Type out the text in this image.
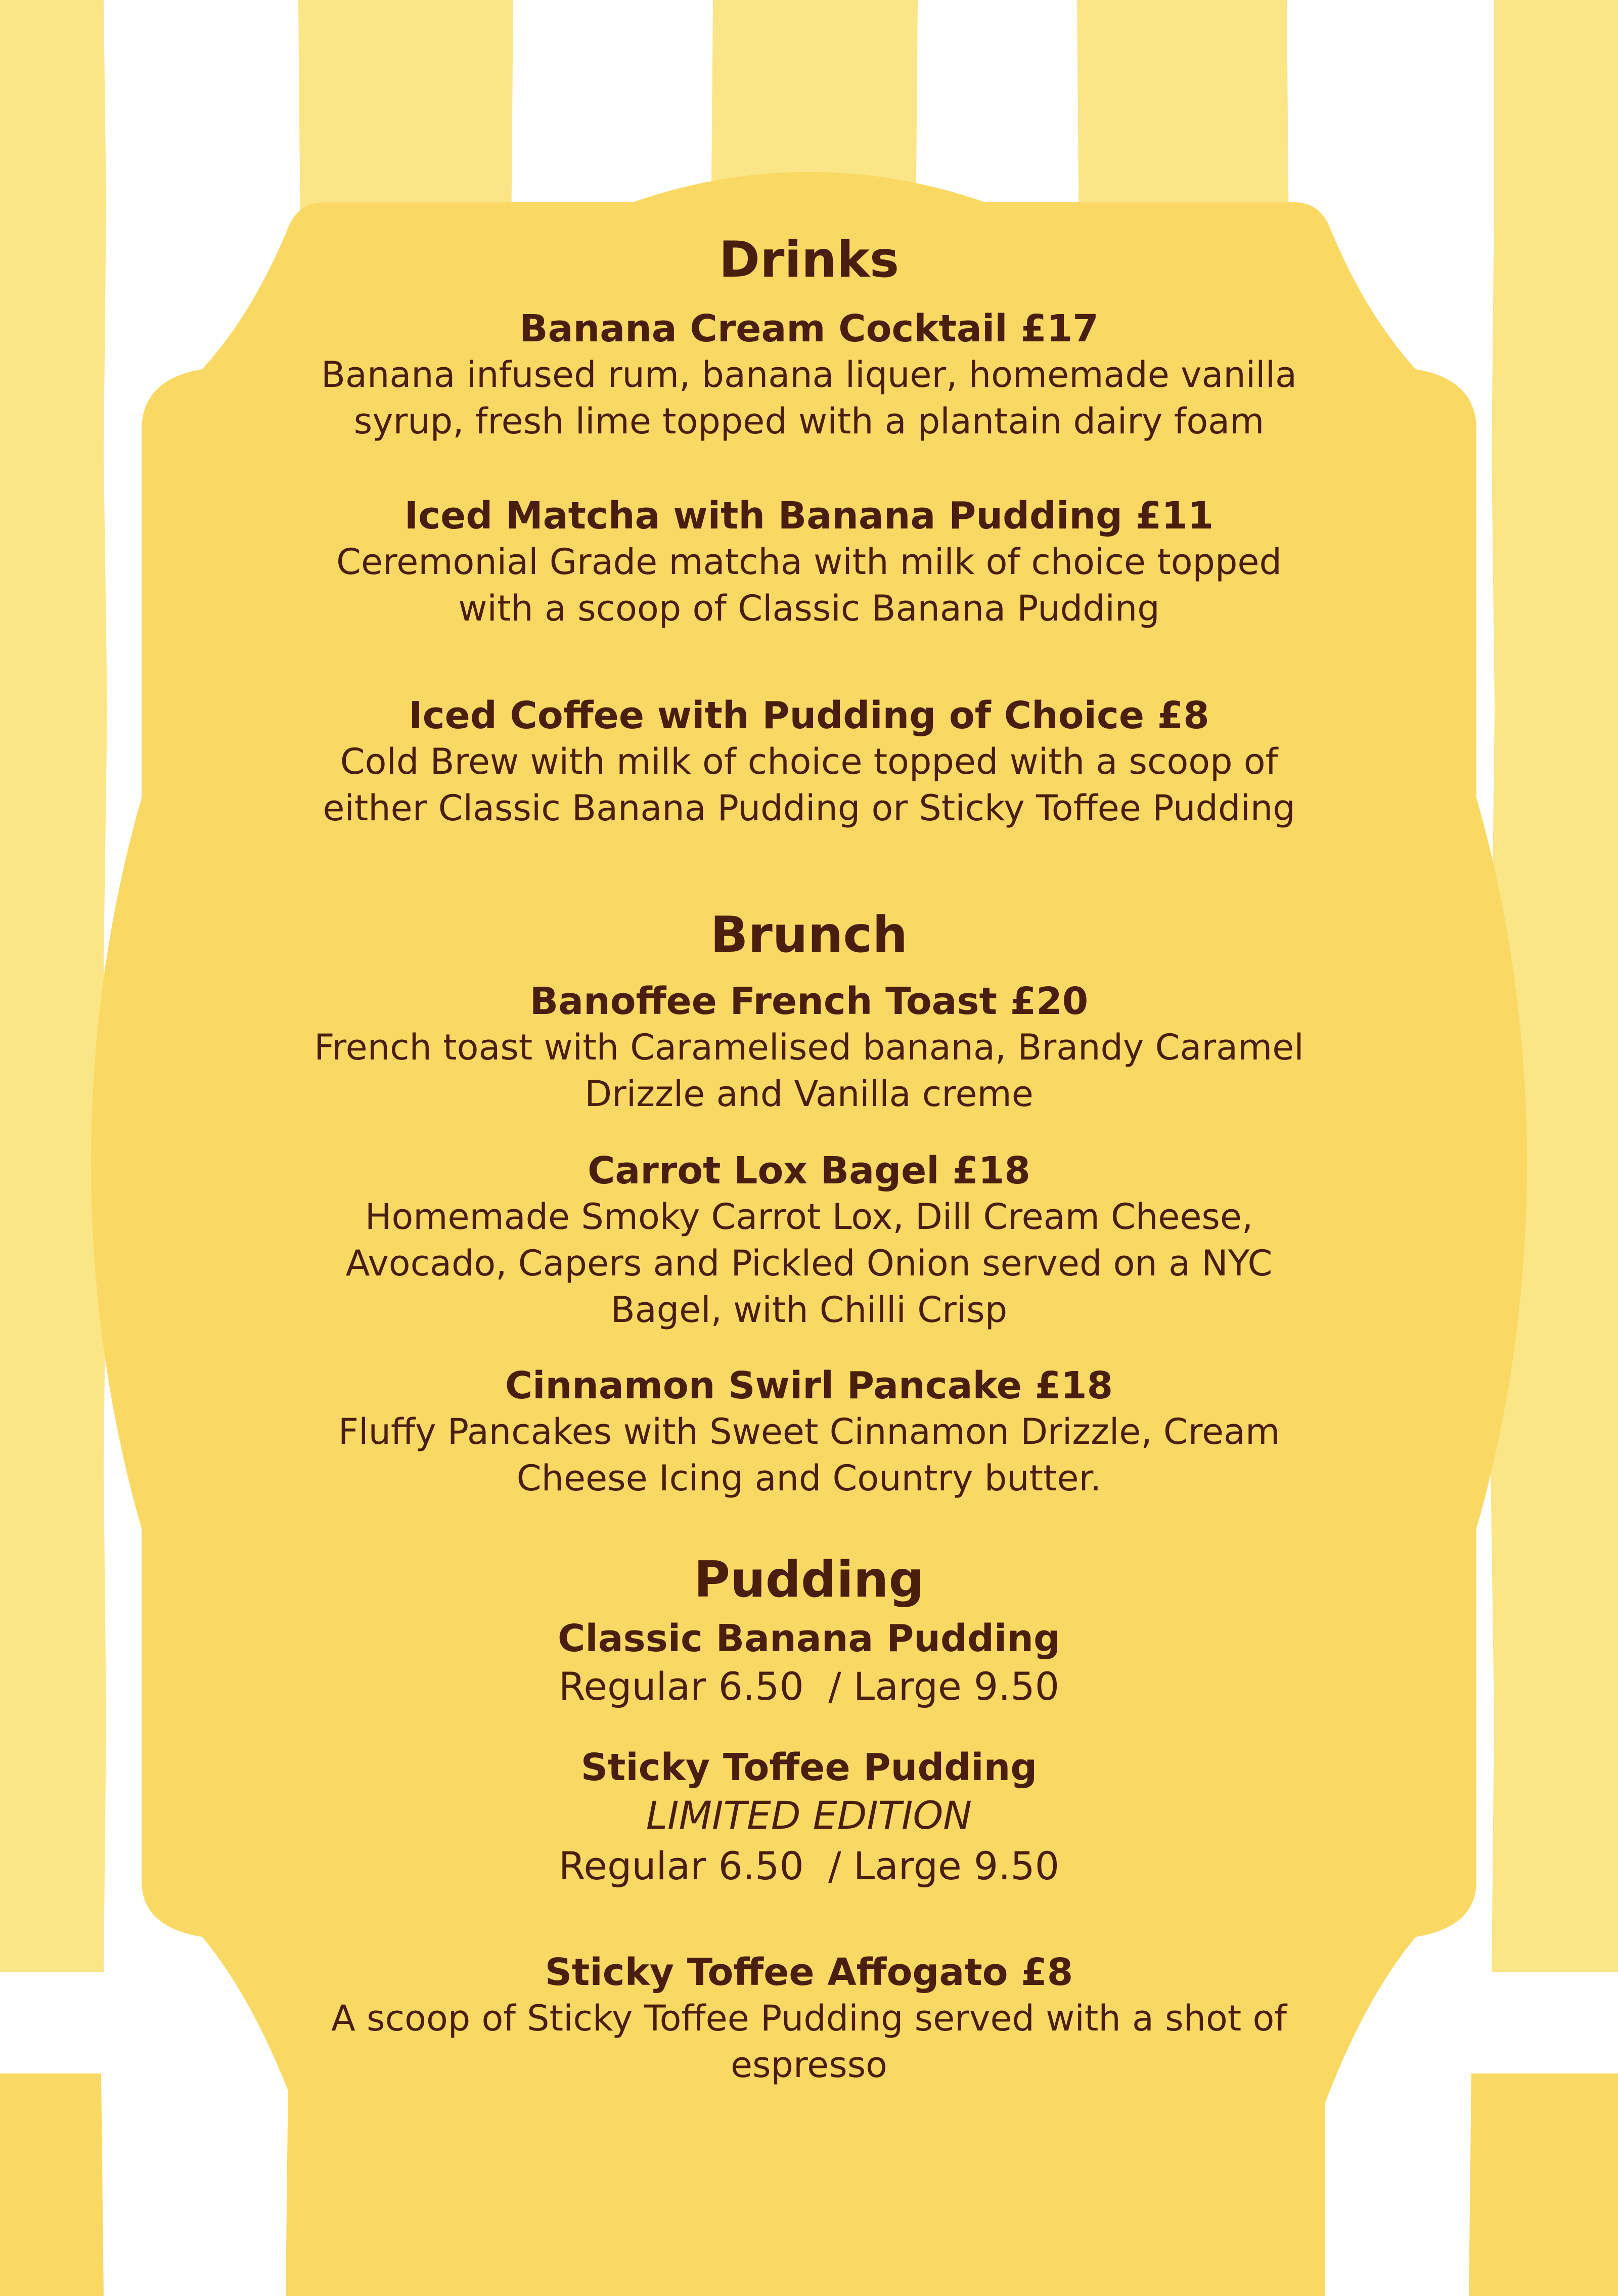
Drinks

Banana Cream Cocktail £17

Banana infused rum, banana liquer, homemade vanilla syrup, fresh lime topped with a plantain dairy foam

Iced Matcha with Banana Pudding £11

Ceremonial Grade matcha with milk of choice topped with a scoop of Classic Banana Pudding

Iced Coffee with Pudding of Choice £8

Cold Brew with milk of choice topped with a scoop of either Classic Banana Pudding or Sticky Toffee Pudding

Brunch

Banoffee French Toast £20

French toast with Caramelised banana, Brandy Caramel Drizzle and Vanilla creme

Carrot Lox Bagel £18

Homemade Smoky Carrot Lox, Dill Cream Cheese, Avocado, Capers and Pickled Onion served on a NYC Bagel, with Chilli Crisp

Cinnamon Swirl Pancake £18

Fluffy Pancakes with Sweet Cinnamon Drizzle, Cream Cheese Icing and Country butter.

Pudding

Classic Banana Pudding

Regular 6.50  / Large 9.50

Sticky Toffee Pudding

LIMITED EDITION

Regular 6.50  / Large 9.50

Sticky Toffee Affogato £8

A scoop of Sticky Toffee Pudding served with a shot of espresso
